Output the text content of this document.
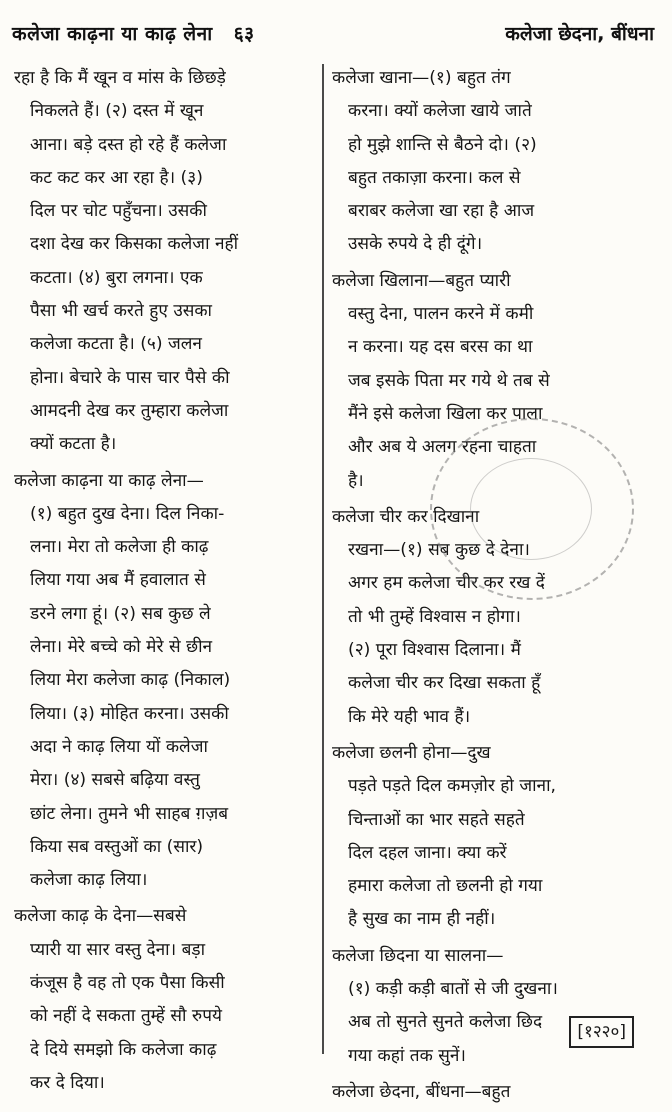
कलेजा काढ़ना या काढ़ लेना ६३	कलेजा छेदना, बींधना
रहा है कि मैं खून व मांस के छिछड़े
निकलते हैं। (२) दस्त में खून
आना। बड़े दस्त हो रहे हैं कलेजा
कट कट कर आ रहा है। (३)
दिल पर चोट पहुँचना। उसकी
दशा देख कर किसका कलेजा नहीं
कटता। (४) बुरा लगना। एक
पैसा भी खर्च करते हुए उसका
कलेजा कटता है। (५) जलन
होना। बेचारे के पास चार पैसे की
आमदनी देख कर तुम्हारा कलेजा
क्यों कटता है।
कलेजा काढ़ना या काढ़ लेना—
(१) बहुत दुख देना। दिल निका-
लना। मेरा तो कलेजा ही काढ़
लिया गया अब मैं हवालात से
डरने लगा हूं। (२) सब कुछ ले
लेना। मेरे बच्चे को मेरे से छीन
लिया मेरा कलेजा काढ़ (निकाल)
लिया। (३) मोहित करना। उसकी
अदा ने काढ़ लिया यों कलेजा
मेरा। (४) सबसे बढ़िया वस्तु
छांट लेना। तुमने भी साहब ग़ज़ब
किया सब वस्तुओं का (सार)
कलेजा काढ़ लिया।
कलेजा काढ़ के देना—सबसे
प्यारी या सार वस्तु देना। बड़ा
कंजूस है वह तो एक पैसा किसी
को नहीं दे सकता तुम्हें सौ रुपये
दे दिये समझो कि कलेजा काढ़
कर दे दिया।
कलेजा खाना—(१) बहुत तंग
करना। क्यों कलेजा खाये जाते
हो मुझे शान्ति से बैठने दो। (२)
बहुत तकाज़ा करना। कल से
बराबर कलेजा खा रहा है आज
उसके रुपये दे ही दूंगे।
कलेजा खिलाना—बहुत प्यारी
वस्तु देना, पालन करने में कमी
न करना। यह दस बरस का था
जब इसके पिता मर गये थे तब से
मैंने इसे कलेजा खिला कर पाला
और अब ये अलग रहना चाहता
है।
कलेजा चीर कर दिखाना
रखना—(१) सब कुछ दे देना।
अगर हम कलेजा चीर कर रख दें
तो भी तुम्हें विश्वास न होगा।
(२) पूरा विश्वास दिलाना। मैं
कलेजा चीर कर दिखा सकता हूँ
कि मेरे यही भाव हैं।
कलेजा छलनी होना—दुख
पड़ते पड़ते दिल कमज़ोर हो जाना,
चिन्ताओं का भार सहते सहते
दिल दहल जाना। क्या करें
हमारा कलेजा तो छलनी हो गया
है सुख का नाम ही नहीं।
कलेजा छिदना या सालना—
(१) कड़ी कड़ी बातों से जी दुखना।
अब तो सुनते सुनते कलेजा छिद
गया कहां तक सुनें।
कलेजा छेदना, बींधना—बहुत
[१२२०]
